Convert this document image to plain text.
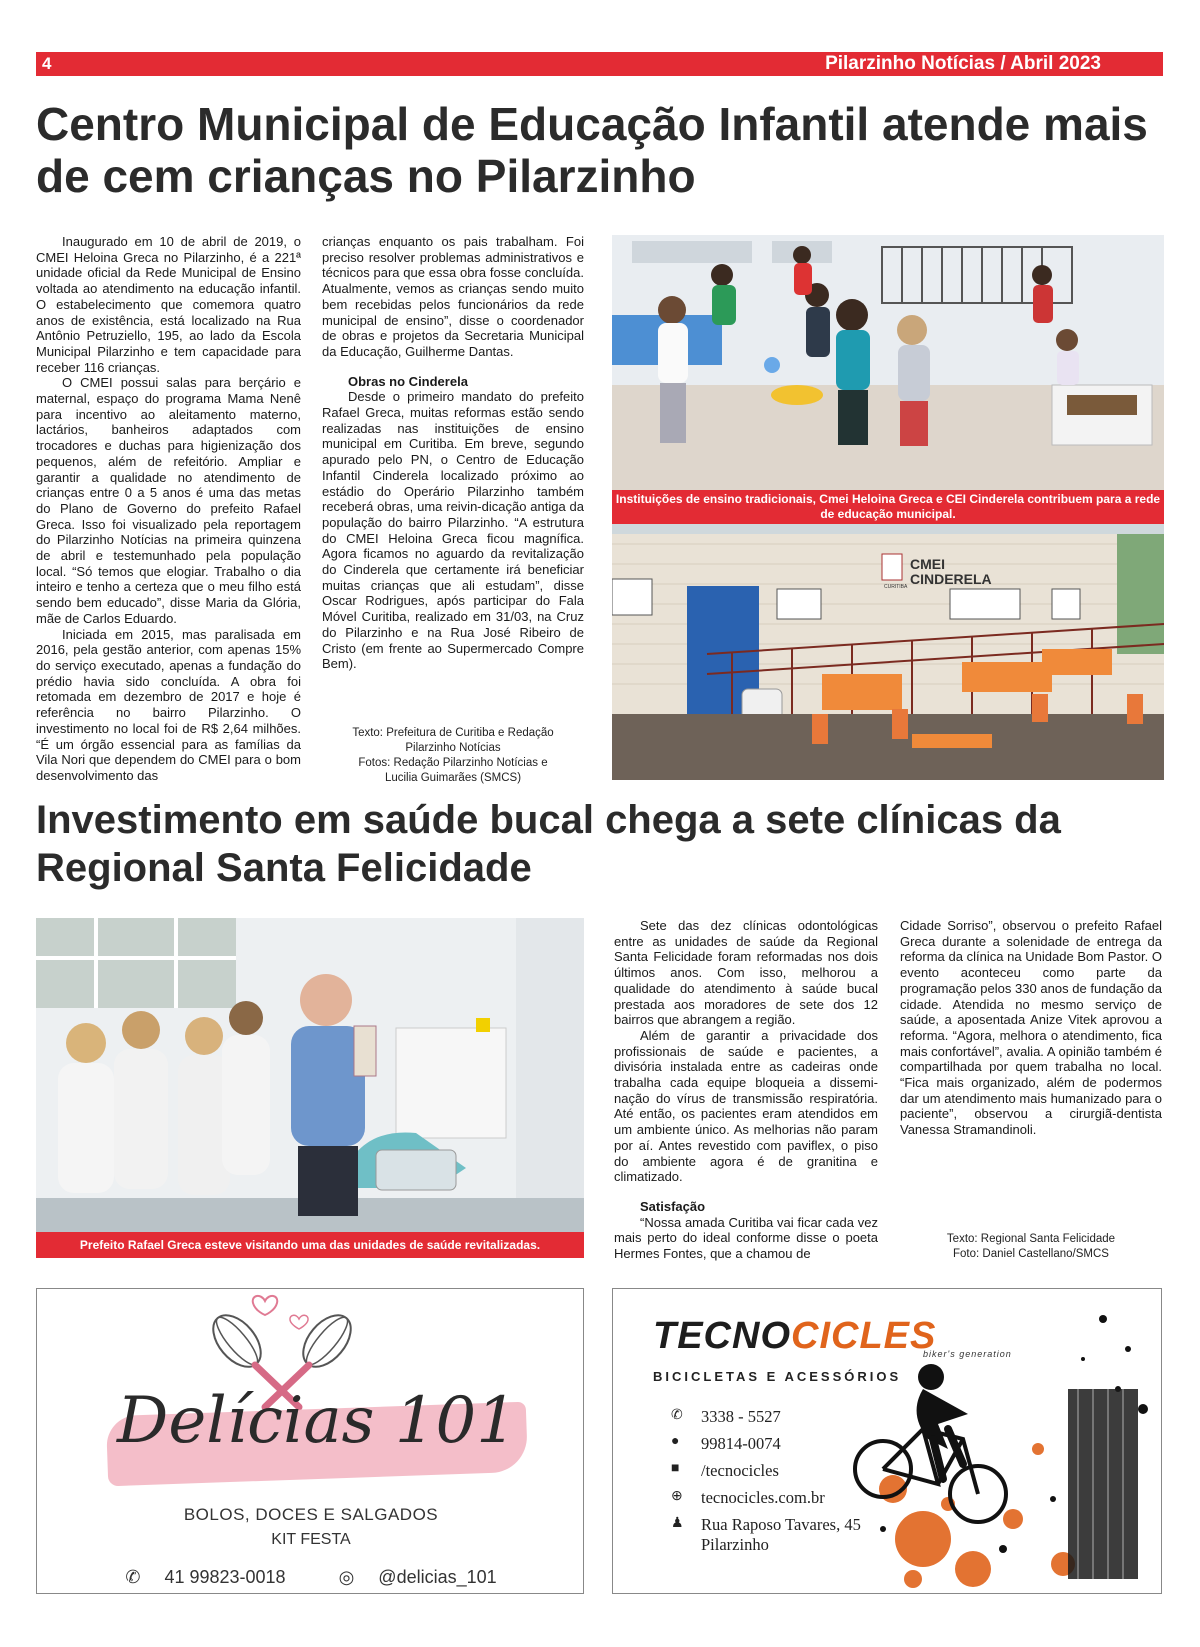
4	Pilarzinho Notícias / Abril 2023
Centro Municipal de Educação Infantil atende mais de cem crianças no Pilarzinho

Inaugurado em 10 de abril de 2019, o CMEI Heloina Greca no Pilarzinho, é a 221ª unidade oficial da Rede Municipal de Ensino voltada ao atendimento na educação infantil. O estabelecimento que comemora quatro anos de existência, está localizado na Rua Antônio Petruziello, 195, ao lado da Escola Municipal Pilarzinho e tem capacidade para receber 116 crianças.

O CMEI possui salas para berçário e maternal, espaço do programa Mama Nenê para incentivo ao aleitamento materno, lactários, banheiros adaptados com trocadores e duchas para higienização dos pequenos, além de refeitório. Ampliar e garantir a qualidade no atendimento de crianças entre 0 a 5 anos é uma das metas do Plano de Governo do prefeito Rafael Greca. Isso foi visualizado pela reportagem do Pilarzinho Notícias na primeira quinzena de abril e testemunhado pela população local. “Só temos que elogiar. Trabalho o dia inteiro e tenho a certeza que o meu filho está sendo bem educado”, disse Maria da Glória, mãe de Carlos Eduardo.

Iniciada em 2015, mas paralisada em 2016, pela gestão anterior, com apenas 15% do serviço executado, apenas a fundação do prédio havia sido concluída. A obra foi retomada em dezembro de 2017 e hoje é referência no bairro Pilarzinho. O investimento no local foi de R$ 2,64 milhões. “É um órgão essencial para as famílias da Vila Nori que dependem do CMEI para o bom desenvolvimento das

crianças enquanto os pais trabalham. Foi preciso resolver problemas administrativos e técnicos para que essa obra fosse concluída. Atualmente, vemos as crianças sendo muito bem recebidas pelos funcionários da rede municipal de ensino”, disse o coordenador de obras e projetos da Secretaria Municipal da Educação, Guilherme Dantas.

Obras no Cinderela

Desde o primeiro mandato do prefeito Rafael Greca, muitas reformas estão sendo realizadas nas instituições de ensino municipal em Curitiba. Em breve, segundo apurado pelo PN, o Centro de Educação Infantil Cinderela localizado próximo ao estádio do Operário Pilarzinho também receberá obras, uma reivin-dicação antiga da população do bairro Pilarzinho. “A estrutura do CMEI Heloina Greca ficou magnífica. Agora ficamos no aguardo da revitalização do Cinderela que certamente irá beneficiar muitas crianças que ali estudam”, disse Oscar Rodrigues, após participar do Fala Móvel Curitiba, realizado em 31/03, na Cruz do Pilarzinho e na Rua José Ribeiro de Cristo (em frente ao Supermercado Compre Bem).

Texto: Prefeitura de Curitiba e Redação
Pilarzinho Notícias
Fotos: Redação Pilarzinho Notícias e
Lucilia Guimarães (SMCS)
Instituições de ensino tradicionais, Cmei Heloina Greca e CEI Cinderela contribuem para a rede de educação municipal.
CMEI
CINDERELA
CURITIBA
Investimento em saúde bucal chega a sete clínicas da Regional Santa Felicidade
Prefeito Rafael Greca esteve visitando uma das unidades de saúde revitalizadas.

Sete das dez clínicas odontológicas entre as unidades de saúde da Regional Santa Felicidade foram reformadas nos dois últimos anos. Com isso, melhorou a qualidade do atendimento à saúde bucal prestada aos moradores de sete dos 12 bairros que abrangem a região.

Além de garantir a privacidade dos profissionais de saúde e pacientes, a divisória instalada entre as cadeiras onde trabalha cada equipe bloqueia a dissemi-nação do vírus de transmissão respiratória. Até então, os pacientes eram atendidos em um ambiente único. As melhorias não param por aí. Antes revestido com paviflex, o piso do ambiente agora é de granitina e climatizado.

Satisfação

“Nossa amada Curitiba vai ficar cada vez mais perto do ideal conforme disse o poeta Hermes Fontes, que a chamou de

Cidade Sorriso”, observou o prefeito Rafael Greca durante a solenidade de entrega da reforma da clínica na Unidade Bom Pastor. O evento aconteceu como parte da programação pelos 330 anos de fundação da cidade. Atendida no mesmo serviço de saúde, a aposentada Anize Vitek aprovou a reforma. “Agora, melhora o atendimento, fica mais confortável”, avalia. A opinião também é compartilhada por quem trabalha no local. “Fica mais organizado, além de podermos dar um atendimento mais humanizado para o paciente”, observou a cirurgiã-dentista Vanessa Stramandinoli.

Texto: Regional Santa Felicidade
Foto: Daniel Castellano/SMCS
Delícias 101
BOLOS, DOCES E SALGADOS
KIT FESTA
✆ 41 99823-0018	◎ @delicias_101
TECNOCICLES
biker's generation
BICICLETAS E ACESSÓRIOS
✆	3338 - 5527
●	99814-0074
■	/tecnocicles
⊕	tecnocicles.com.br
♟	Rua Raposo Tavares, 45
Pilarzinho
